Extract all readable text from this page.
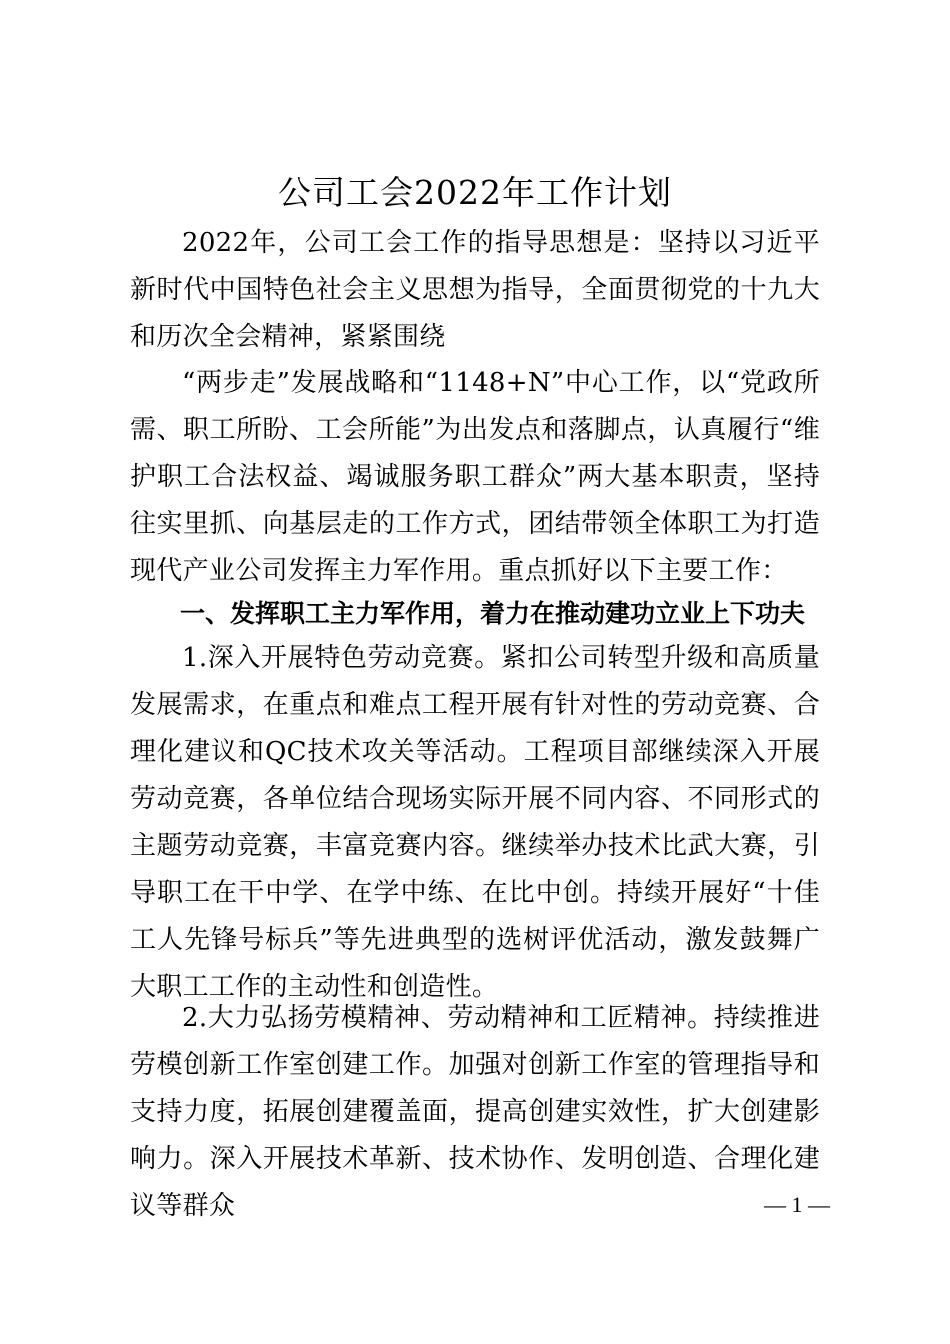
公司工会2022年工作计划

2022年，公司工会工作的指导思想是：坚持以习近平新时代中国特色社会主义思想为指导，全面贯彻党的十九大和历次全会精神，紧紧围绕

“两步走”发展战略和“1148+N”中心工作，以“党政所需、职工所盼、工会所能”为出发点和落脚点，认真履行“维护职工合法权益、竭诚服务职工群众”两大基本职责，坚持往实里抓、向基层走的工作方式，团结带领全体职工为打造现代产业公司发挥主力军作用。重点抓好以下主要工作：

一、发挥职工主力军作用，着力在推动建功立业上下功夫

1.深入开展特色劳动竞赛。紧扣公司转型升级和高质量发展需求，在重点和难点工程开展有针对性的劳动竞赛、合理化建议和QC技术攻关等活动。工程项目部继续深入开展劳动竞赛，各单位结合现场实际开展不同内容、不同形式的主题劳动竞赛，丰富竞赛内容。继续举办技术比武大赛，引导职工在干中学、在学中练、在比中创。持续开展好“十佳工人先锋号标兵”等先进典型的选树评优活动，激发鼓舞广大职工工作的主动性和创造性。

2.大力弘扬劳模精神、劳动精神和工匠精神。持续推进劳模创新工作室创建工作。加强对创新工作室的管理指导和支持力度，拓展创建覆盖面，提高创建实效性，扩大创建影响力。深入开展技术革新、技术协作、发明创造、合理化建议等群众	— 1 —
